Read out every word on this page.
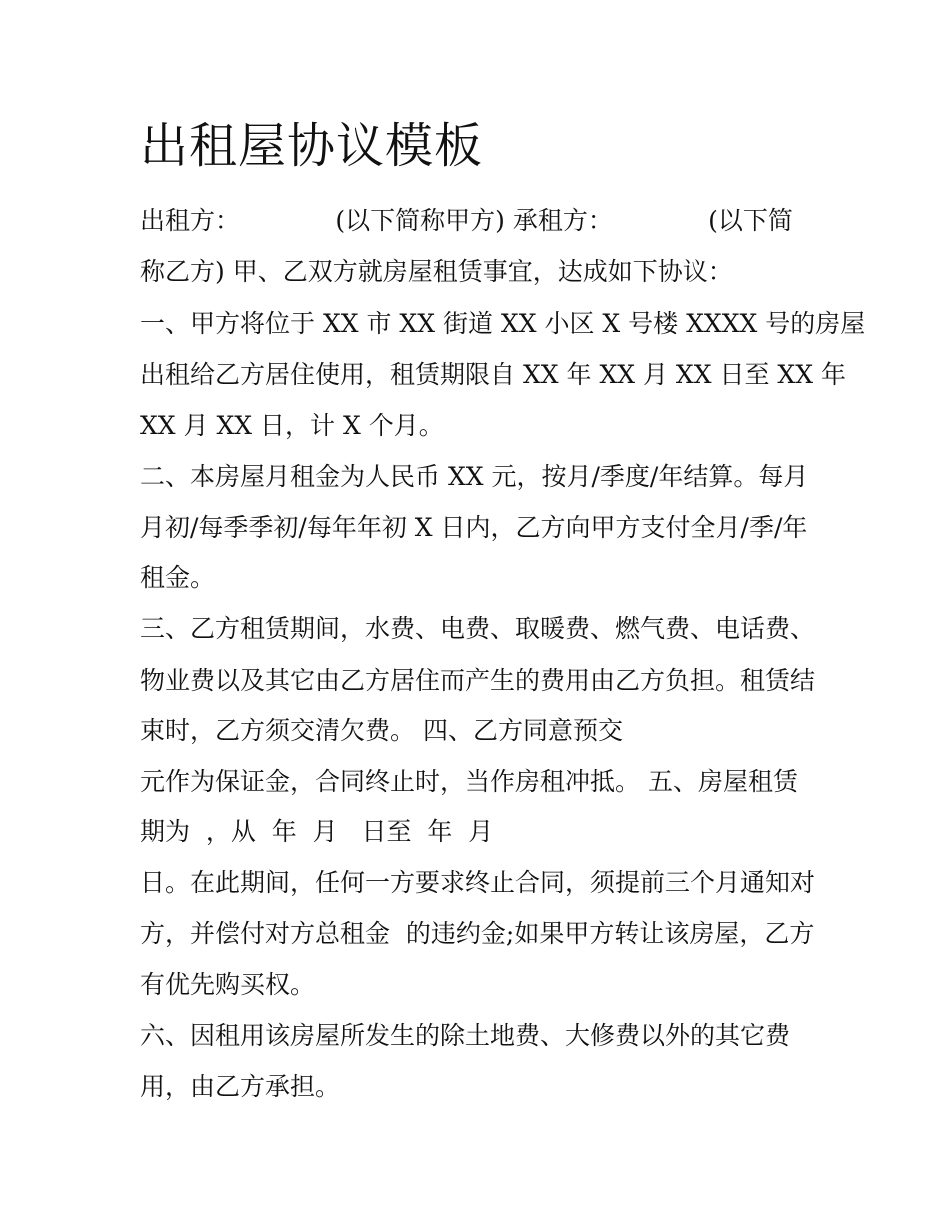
出租屋协议模板

出租方：            (以下简称甲方) 承租方：            (以下简

称乙方) 甲、乙双方就房屋租赁事宜，达成如下协议：

一、甲方将位于 XX 市 XX 街道 XX 小区 X 号楼 XXXX 号的房屋

出租给乙方居住使用，租赁期限自 XX 年 XX 月 XX 日至 XX 年

XX 月 XX 日，计 X 个月。

二、本房屋月租金为人民币 XX 元，按月/季度/年结算。每月

月初/每季季初/每年年初 X 日内，乙方向甲方支付全月/季/年

租金。

三、乙方租赁期间，水费、电费、取暖费、燃气费、电话费、

物业费以及其它由乙方居住而产生的费用由乙方负担。租赁结

束时，乙方须交清欠费。 四、乙方同意预交

元作为保证金，合同终止时，当作房租冲抵。 五、房屋租赁

期为  ，从  年  月   日至  年  月

日。在此期间，任何一方要求终止合同，须提前三个月通知对

方，并偿付对方总租金  的违约金;如果甲方转让该房屋，乙方

有优先购买权。

六、因租用该房屋所发生的除土地费、大修费以外的其它费

用，由乙方承担。
